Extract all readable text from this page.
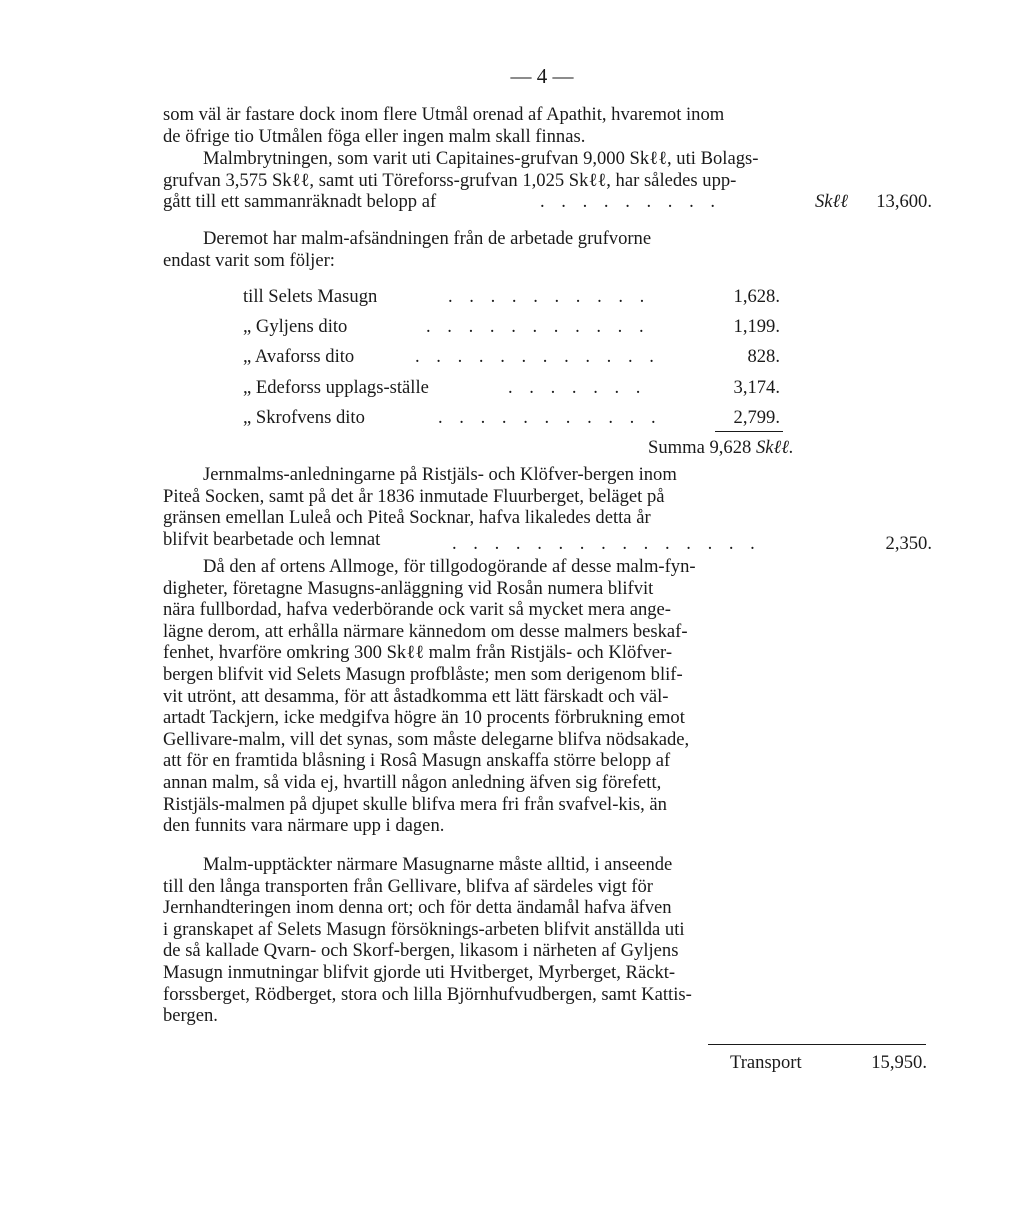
— 4 —
som väl är fastare dock inom flere Utmål orenad af Apathit, hvaremot inom
de öfrige tio Utmålen föga eller ingen malm skall finnas.
Malmbrytningen, som varit uti Capitaines-grufvan 9,000 Skℓℓ, uti Bolags-
grufvan 3,575 Skℓℓ, samt uti Töreforss-grufvan 1,025 Skℓℓ, har således upp-
gått till ett sammanräknadt belopp af	. . . . . . . . .	Skℓℓ	13,600.
Deremot har malm-afsändningen från de arbetade grufvorne
endast varit som följer:
till Selets Masugn	. . . . . . . . . .	1,628.
„ Gyljens dito	. . . . . . . . . . .	1,199.
„ Avaforss dito	. . . . . . . . . . . .	828.
„ Edeforss upplags-ställe	. . . . . . .	3,174.
„ Skrofvens dito	. . . . . . . . . . .	2,799.
Summa 9,628 Skℓℓ.
Jernmalms-anledningarne på Ristjäls- och Klöfver-bergen inom
Piteå Socken, samt på det år 1836 inmutade Fluurberget, beläget på
gränsen emellan Luleå och Piteå Socknar, hafva likaledes detta år
blifvit bearbetade och lemnat	. . . . . . . . . . . . . . .	2,350.
Då den af ortens Allmoge, för tillgodogörande af desse malm-fyn-
digheter, företagne Masugns-anläggning vid Rosån numera blifvit
nära fullbordad, hafva vederbörande ock varit så mycket mera ange-
lägne derom, att erhålla närmare kännedom om desse malmers beskaf-
fenhet, hvarföre omkring 300 Skℓℓ malm från Ristjäls- och Klöfver-
bergen blifvit vid Selets Masugn profblåste; men som derigenom blif-
vit utrönt, att desamma, för att åstadkomma ett lätt färskadt och väl-
artadt Tackjern, icke medgifva högre än 10 procents förbrukning emot
Gellivare-malm, vill det synas, som måste delegarne blifva nödsakade,
att för en framtida blåsning i Rosâ Masugn anskaffa större belopp af
annan malm, så vida ej, hvartill någon anledning äfven sig förefett,
Ristjäls-malmen på djupet skulle blifva mera fri från svafvel-kis, än
den funnits vara närmare upp i dagen.
Malm-upptäckter närmare Masugnarne måste alltid, i anseende
till den långa transporten från Gellivare, blifva af särdeles vigt för
Jernhandteringen inom denna ort; och för detta ändamål hafva äfven
i granskapet af Selets Masugn försöknings-arbeten blifvit anställda uti
de så kallade Qvarn- och Skorf-bergen, likasom i närheten af Gyljens
Masugn inmutningar blifvit gjorde uti Hvitberget, Myrberget, Räckt-
forssberget, Rödberget, stora och lilla Björnhufvudbergen, samt Kattis-
bergen.
Transport	15,950.
